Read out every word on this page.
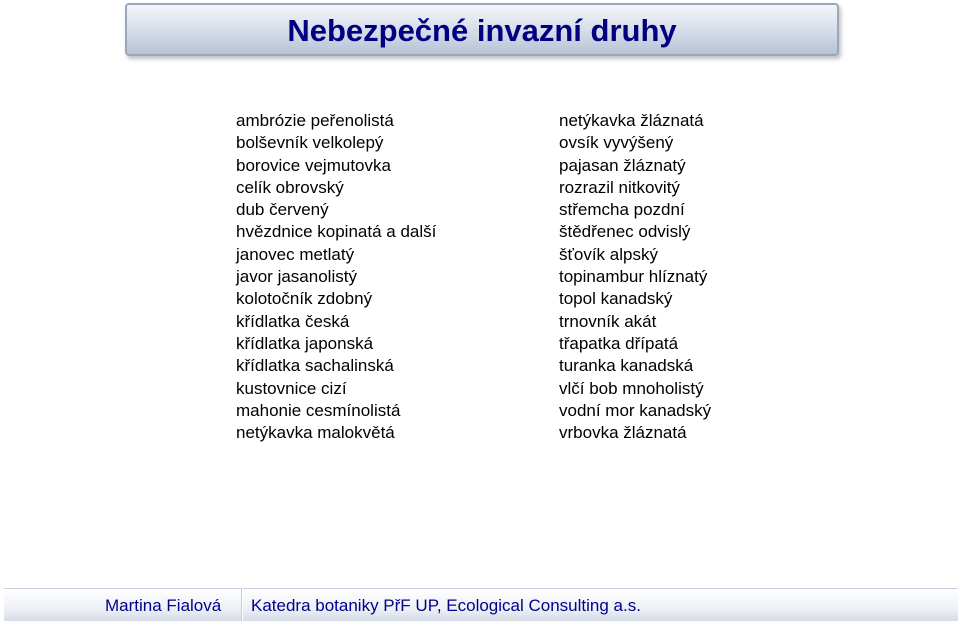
Nebezpečné invazní druhy
ambrózie peřenolistá
bolševník velkolepý
borovice vejmutovka
celík obrovský
dub červený
hvězdnice kopinatá a další
janovec metlatý
javor jasanolistý
kolotočník zdobný
křídlatka česká
křídlatka japonská
křídlatka sachalinská
kustovnice cizí
mahonie cesmínolistá
netýkavka malokvětá
netýkavka žláznatá
ovsík vyvýšený
pajasan žláznatý
rozrazil nitkovitý
střemcha pozdní
štědřenec odvislý
šťovík alpský
topinambur hlíznatý
topol kanadský
trnovník akát
třapatka dřípatá
turanka kanadská
vlčí bob mnoholistý
vodní mor kanadský
vrbovka žláznatá
Martina Fialová Katedra botaniky PřF UP, Ecological Consulting a.s.
